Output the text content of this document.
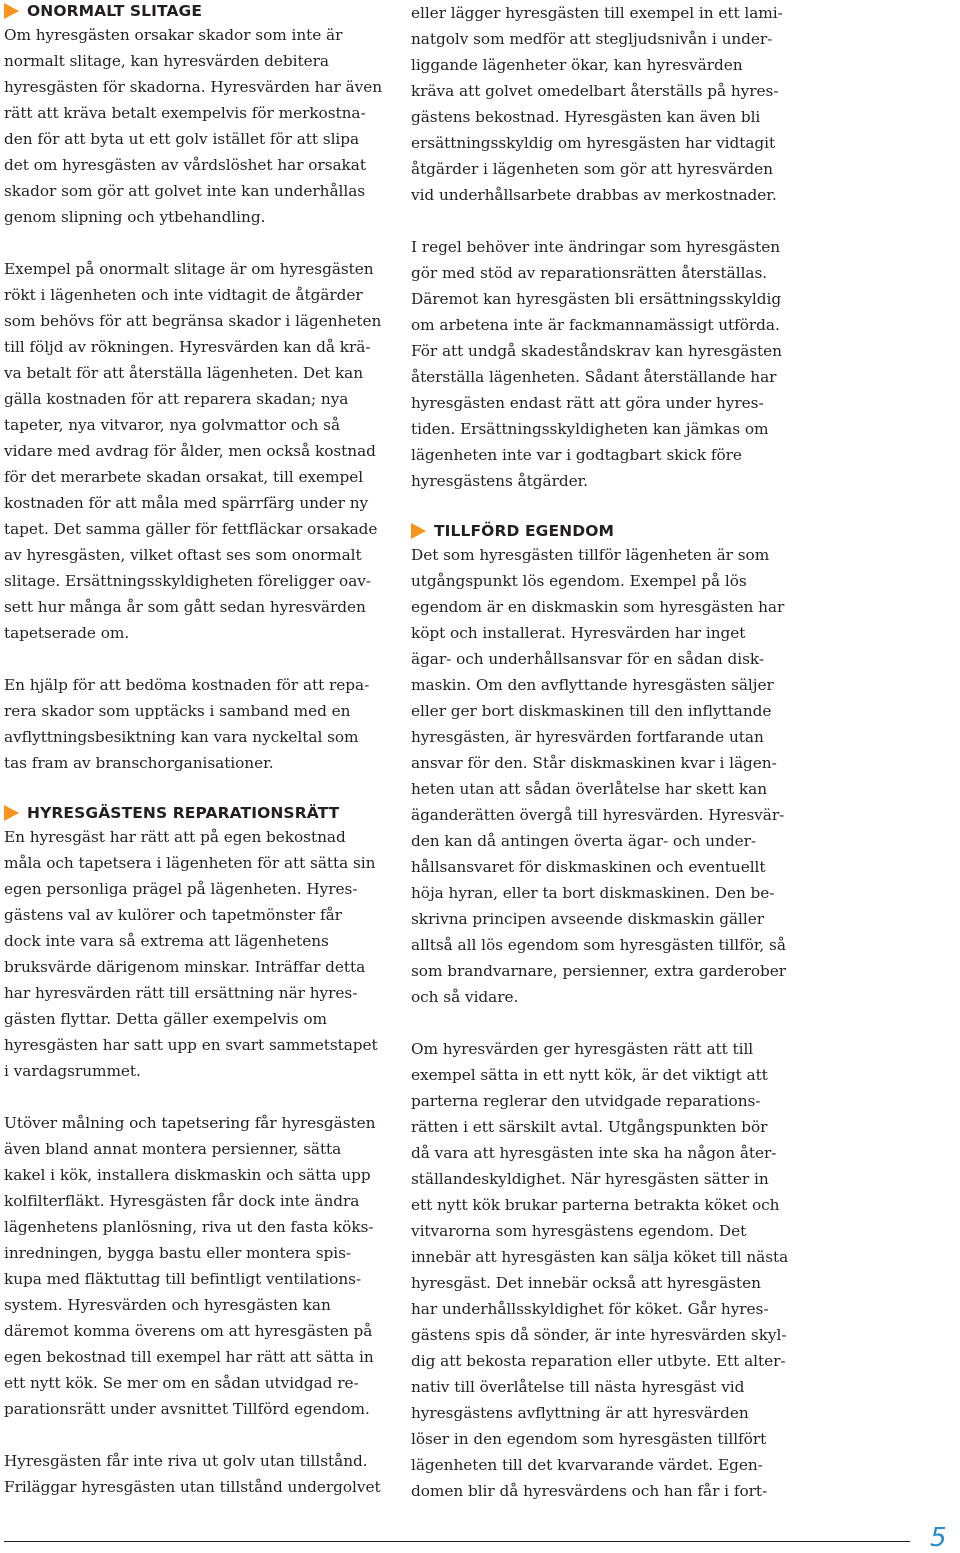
ONORMALT SLITAGE

Om hyresgästen orsakar skador som inte är

normalt slitage, kan hyresvärden debitera

hyresgästen för skadorna. Hyresvärden har även

rätt att kräva betalt exempelvis för merkostna-

den för att byta ut ett golv istället för att slipa

det om hyresgästen av vårdslöshet har orsakat

skador som gör att golvet inte kan underhållas

genom slipning och ytbehandling.

Exempel på onormalt slitage är om hyresgästen

rökt i lägenheten och inte vidtagit de åtgärder

som behövs för att begränsa skador i lägenheten

till följd av rökningen. Hyresvärden kan då krä-

va betalt för att återställa lägenheten. Det kan

gälla kostnaden för att reparera skadan; nya

tapeter, nya vitvaror, nya golvmattor och så

vidare med avdrag för ålder, men också kostnad

för det merarbete skadan orsakat, till exempel

kostnaden för att måla med spärrfärg under ny

tapet. Det samma gäller för fettfläckar orsakade

av hyresgästen, vilket oftast ses som onormalt

slitage. Ersättningsskyldigheten föreligger oav-

sett hur många år som gått sedan hyresvärden

tapetserade om.

En hjälp för att bedöma kostnaden för att repa-

rera skador som upptäcks i samband med en

avflyttningsbesiktning kan vara nyckeltal som

tas fram av branschorganisationer.

HYRESGÄSTENS REPARATIONSRÄTT

En hyresgäst har rätt att på egen bekostnad

måla och tapetsera i lägenheten för att sätta sin

egen personliga prägel på lägenheten. Hyres-

gästens val av kulörer och tapetmönster får

dock inte vara så extrema att lägenhetens

bruksvärde därigenom minskar. Inträffar detta

har hyresvärden rätt till ersättning när hyres-

gästen flyttar. Detta gäller exempelvis om

hyresgästen har satt upp en svart sammetstapet

i vardagsrummet.

Utöver målning och tapetsering får hyresgästen

även bland annat montera persienner, sätta

kakel i kök, installera diskmaskin och sätta upp

kolfilterfläkt. Hyresgästen får dock inte ändra

lägenhetens planlösning, riva ut den fasta köks-

inredningen, bygga bastu eller montera spis-

kupa med fläktuttag till befintligt ventilations-

system. Hyresvärden och hyresgästen kan

däremot komma överens om att hyresgästen på

egen bekostnad till exempel har rätt att sätta in

ett nytt kök. Se mer om en sådan utvidgad re-

parationsrätt under avsnittet Tillförd egendom.

Hyresgästen får inte riva ut golv utan tillstånd.

Friläggar hyresgästen utan tillstånd undergolvet

eller lägger hyresgästen till exempel in ett lami-

natgolv som medför att stegljudsnivån i under-

liggande lägenheter ökar, kan hyresvärden

kräva att golvet omedelbart återställs på hyres-

gästens bekostnad. Hyresgästen kan även bli

ersättningsskyldig om hyresgästen har vidtagit

åtgärder i lägenheten som gör att hyresvärden

vid underhållsarbete drabbas av merkostnader.

I regel behöver inte ändringar som hyresgästen

gör med stöd av reparationsrätten återställas.

Däremot kan hyresgästen bli ersättningsskyldig

om arbetena inte är fackmannamässigt utförda.

För att undgå skadeståndskrav kan hyresgästen

återställa lägenheten. Sådant återställande har

hyresgästen endast rätt att göra under hyres-

tiden. Ersättningsskyldigheten kan jämkas om

lägenheten inte var i godtagbart skick före

hyresgästens åtgärder.

TILLFÖRD EGENDOM

Det som hyresgästen tillför lägenheten är som

utgångspunkt lös egendom. Exempel på lös

egendom är en diskmaskin som hyresgästen har

köpt och installerat. Hyresvärden har inget

ägar- och underhållsansvar för en sådan disk-

maskin. Om den avflyttande hyresgästen säljer

eller ger bort diskmaskinen till den inflyttande

hyresgästen, är hyresvärden fortfarande utan

ansvar för den. Står diskmaskinen kvar i lägen-

heten utan att sådan överlåtelse har skett kan

äganderätten övergå till hyresvärden. Hyresvär-

den kan då antingen överta ägar- och under-

hållsansvaret för diskmaskinen och eventuellt

höja hyran, eller ta bort diskmaskinen. Den be-

skrivna principen avseende diskmaskin gäller

alltså all lös egendom som hyresgästen tillför, så

som brandvarnare, persienner, extra garderober

och så vidare.

Om hyresvärden ger hyresgästen rätt att till

exempel sätta in ett nytt kök, är det viktigt att

parterna reglerar den utvidgade reparations-

rätten i ett särskilt avtal. Utgångspunkten bör

då vara att hyresgästen inte ska ha någon åter-

ställandeskyldighet. När hyresgästen sätter in

ett nytt kök brukar parterna betrakta köket och

vitvarorna som hyresgästens egendom. Det

innebär att hyresgästen kan sälja köket till nästa

hyresgäst. Det innebär också att hyresgästen

har underhållsskyldighet för köket. Går hyres-

gästens spis då sönder, är inte hyresvärden skyl-

dig att bekosta reparation eller utbyte. Ett alter-

nativ till överlåtelse till nästa hyresgäst vid

hyresgästens avflyttning är att hyresvärden

löser in den egendom som hyresgästen tillfört

lägenheten till det kvarvarande värdet. Egen-

domen blir då hyresvärdens och han får i fort-

5
